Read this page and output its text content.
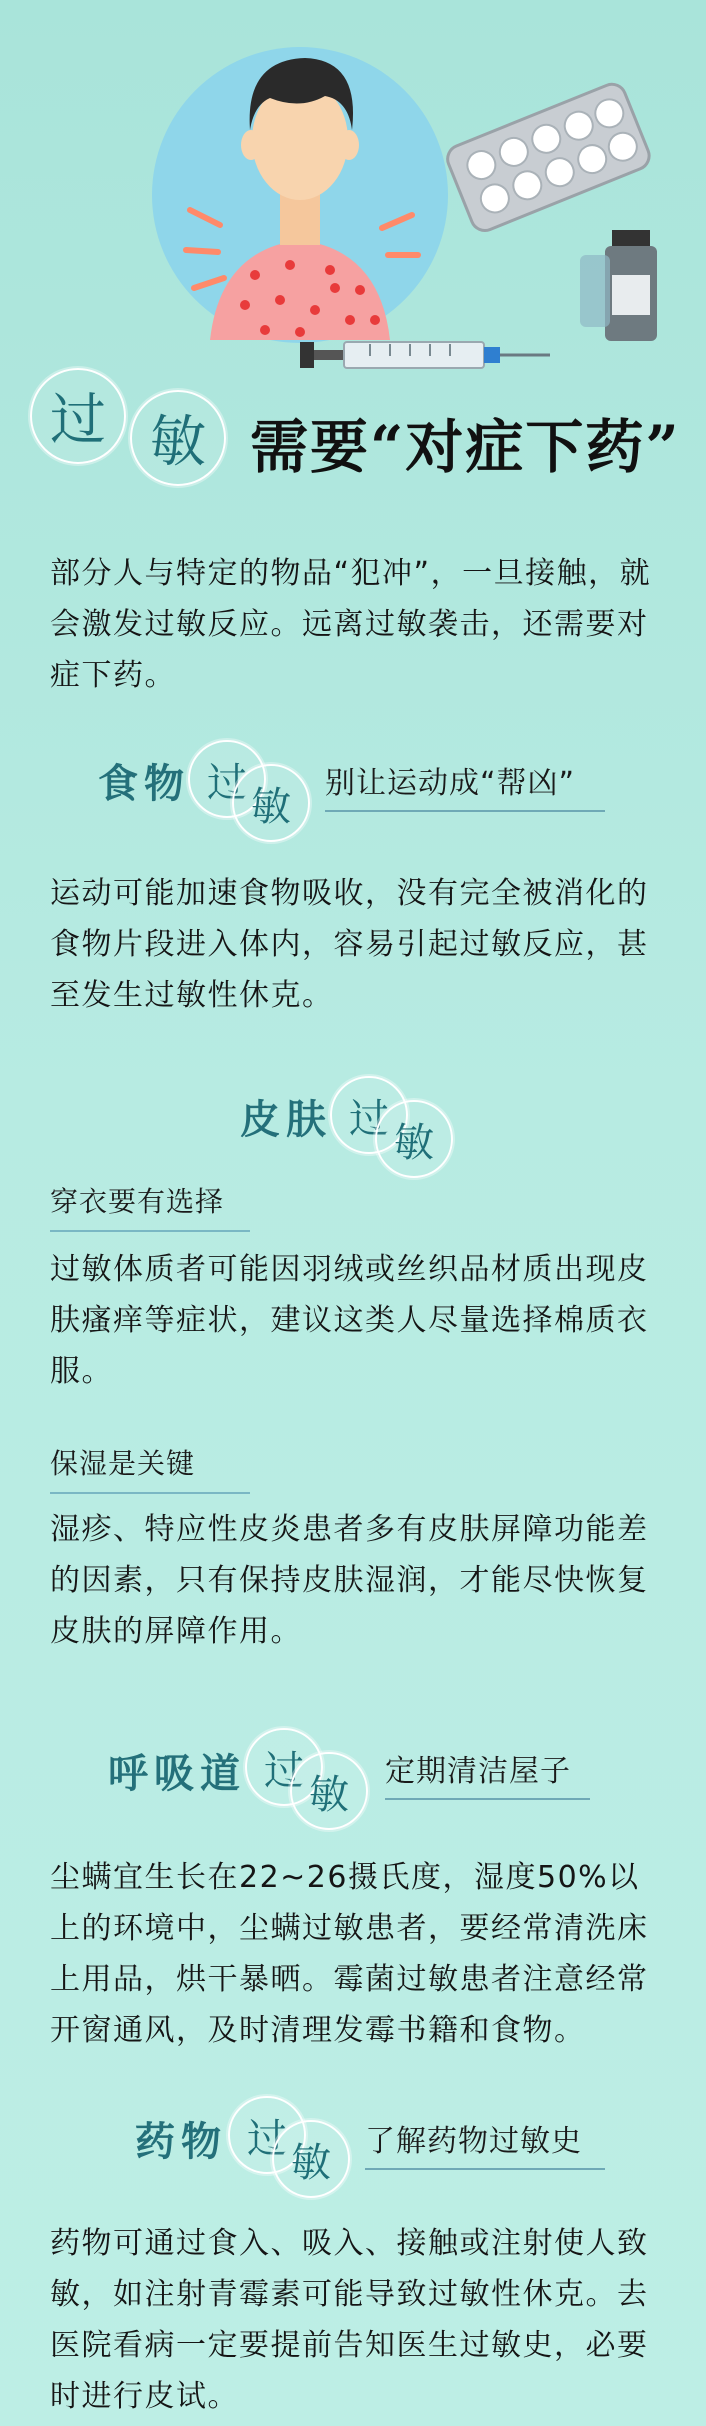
过 敏 需要“对症下药”
部分人与特定的物品“犯冲”，一旦接触，就会激发过敏反应。远离过敏袭击，还需要对症下药。
食物 过
敏	别让运动成“帮凶”
运动可能加速食物吸收，没有完全被消化的食物片段进入体内，容易引起过敏反应，甚至发生过敏性休克。
皮肤 过
敏
穿衣要有选择
过敏体质者可能因羽绒或丝织品材质出现皮肤瘙痒等症状，建议这类人尽量选择棉质衣服。
保湿是关键
湿疹、特应性皮炎患者多有皮肤屏障功能差的因素，只有保持皮肤湿润，才能尽快恢复皮肤的屏障作用。
呼吸道 过
敏	定期清洁屋子
尘螨宜生长在22~26摄氏度，湿度50%以上的环境中，尘螨过敏患者，要经常清洗床上用品，烘干暴晒。霉菌过敏患者注意经常开窗通风，及时清理发霉书籍和食物。
药物 过
敏	了解药物过敏史
药物可通过食入、吸入、接触或注射使人致敏，如注射青霉素可能导致过敏性休克。去医院看病一定要提前告知医生过敏史，必要时进行皮试。
